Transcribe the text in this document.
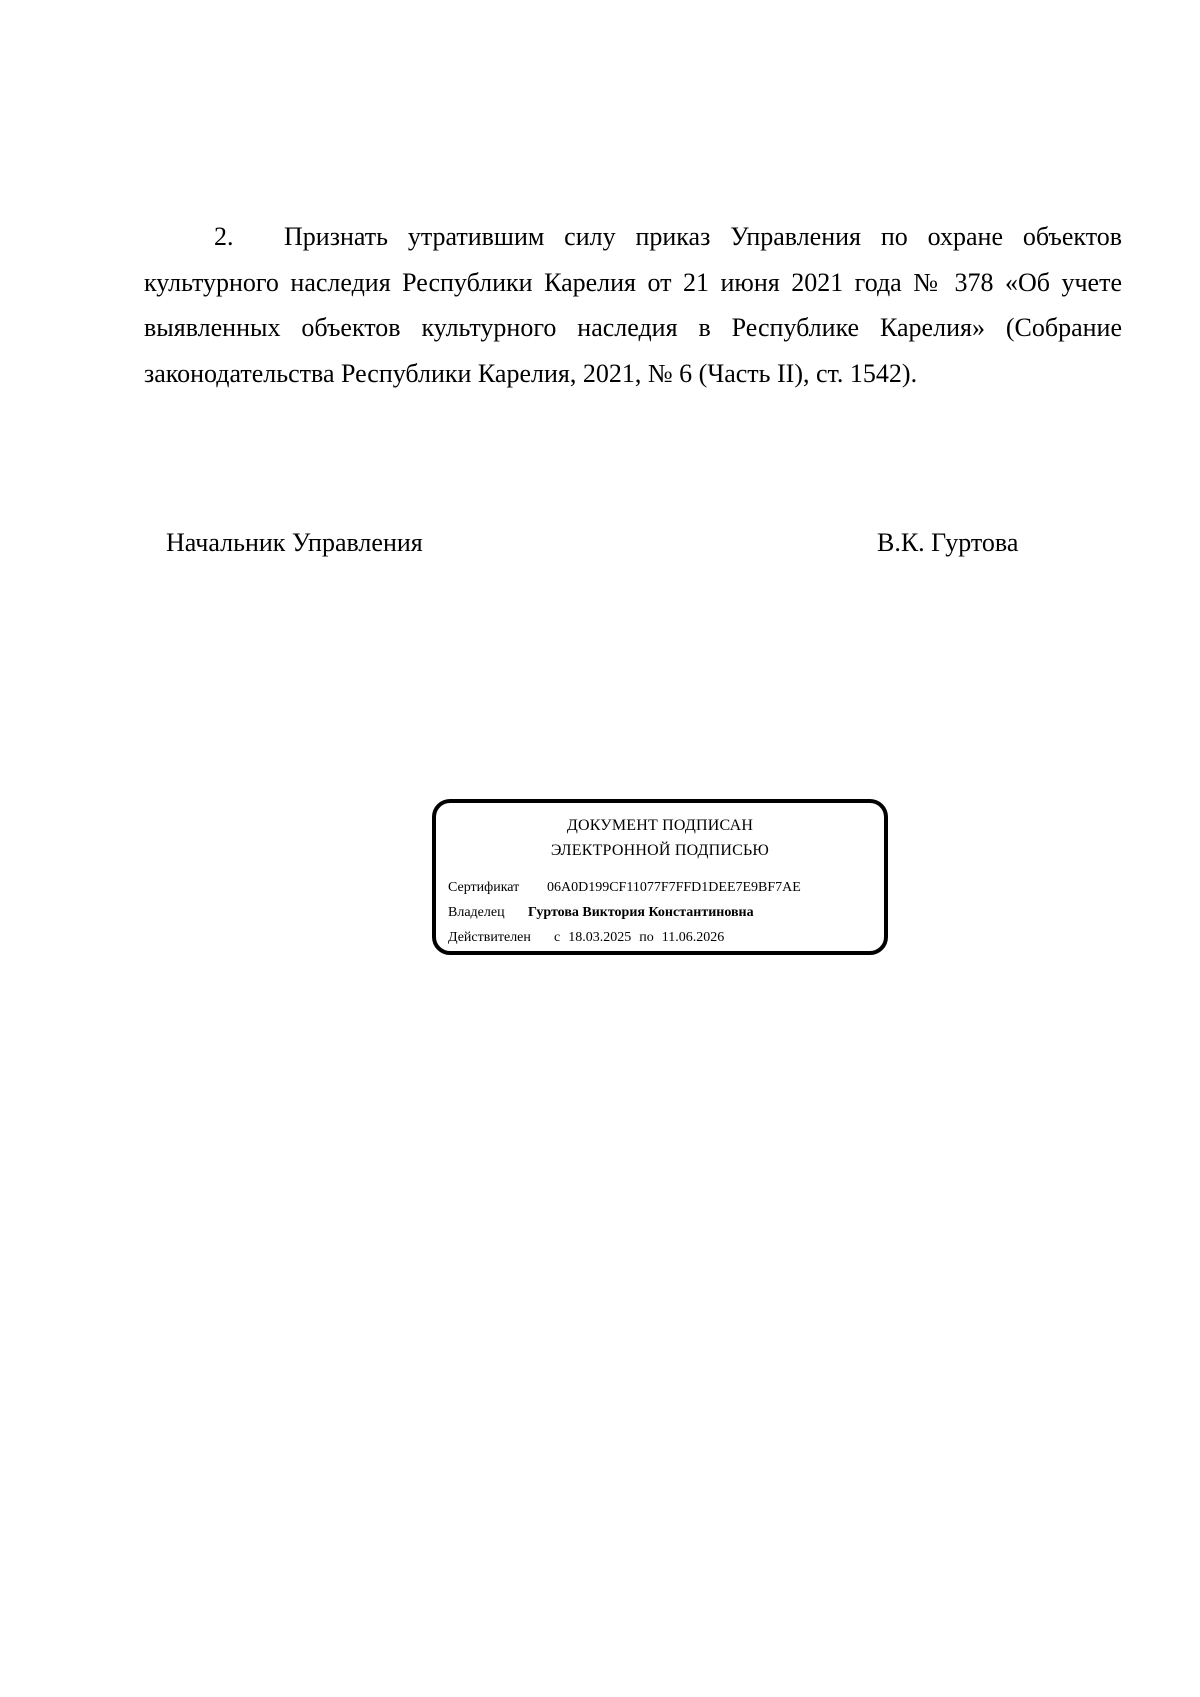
2. Признать утратившим силу приказ Управления по охране объектов культурного наследия Республики Карелия от 21 июня 2021 года № 378 «Об учете выявленных объектов культурного наследия в Республике Карелия» (Собрание законодательства Республики Карелия, 2021, № 6 (Часть II), ст. 1542).

Начальник Управления	В.К. Гуртова

ДОКУМЕНТ ПОДПИСАН
ЭЛЕКТРОННОЙ ПОДПИСЬЮ
Сертификат 06A0D199CF11077F7FFD1DEE7E9BF7AE
Владелец Гуртова Виктория Константиновна
Действителен с 18.03.2025 по 11.06.2026
